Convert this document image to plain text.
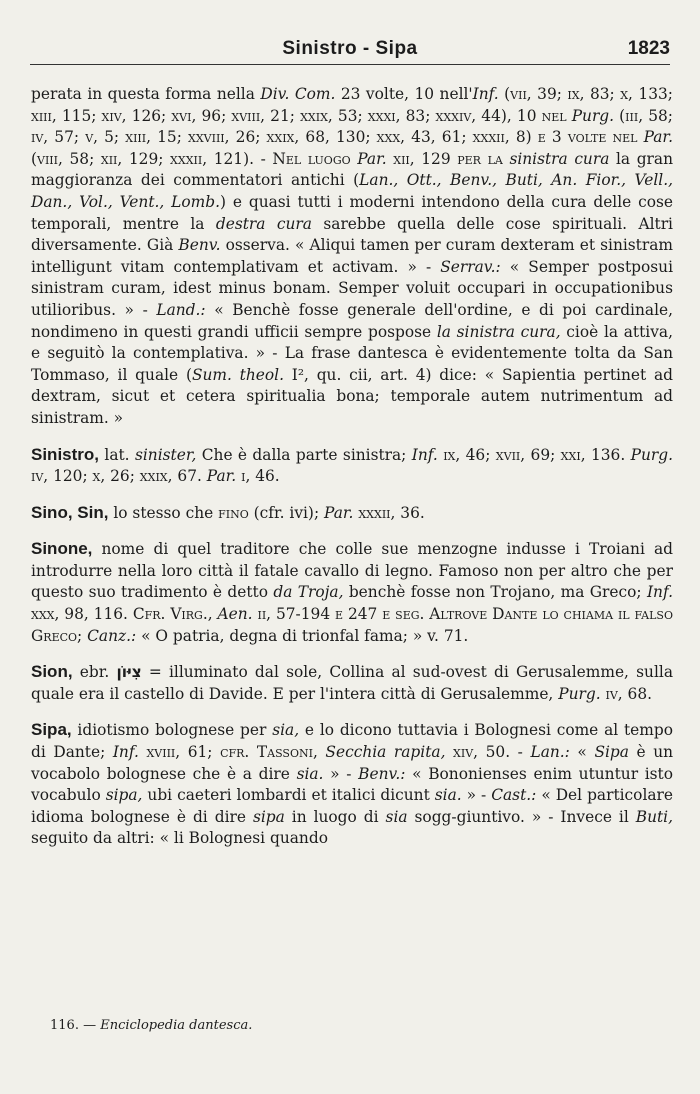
Sinistro - Sipa	1823

perata in questa forma nella Div. Com. 23 volte, 10 nell'Inf. (vii, 39; ix, 83; x, 133; xiii, 115; xiv, 126; xvi, 96; xviii, 21; xxix, 53; xxxi, 83; xxxiv, 44), 10 nel Purg. (iii, 58; iv, 57; v, 5; xiii, 15; xxviii, 26; xxix, 68, 130; xxx, 43, 61; xxxii, 8) e 3 volte nel Par. (viii, 58; xii, 129; xxxii, 121). - Nel luogo Par. xii, 129 per la sinistra cura la gran maggioranza dei commentatori antichi (Lan., Ott., Benv., Buti, An. Fior., Vell., Dan., Vol., Vent., Lomb.) e quasi tutti i moderni intendono della cura delle cose temporali, mentre la destra cura sarebbe quella delle cose spirituali. Altri diversamente. Già Benv. osserva. « Aliqui tamen per curam dexteram et sinistram intelligunt vitam contemplativam et activam. » - Serrav.: « Semper postposui sinistram curam, idest minus bonam. Semper voluit occupari in occupationibus utilioribus. » - Land.: « Benchè fosse generale dell'ordine, e di poi cardinale, nondimeno in questi grandi ufficii sempre pospose la sinistra cura, cioè la attiva, e seguitò la contemplativa. » - La frase dantesca è evidentemente tolta da San Tommaso, il quale (Sum. theol. I², qu. cii, art. 4) dice: « Sapientia pertinet ad dextram, sicut et cetera spiritualia bona; temporale autem nutrimentum ad sinistram. »

Sinistro, lat. sinister, Che è dalla parte sinistra; Inf. ix, 46; xvii, 69; xxi, 136. Purg. iv, 120; x, 26; xxix, 67. Par. i, 46.

Sino, Sin, lo stesso che fino (cfr. ivi); Par. xxxii, 36.

Sinone, nome di quel traditore che colle sue menzogne indusse i Troiani ad introdurre nella loro città il fatale cavallo di legno. Famoso non per altro che per questo suo tradimento è detto da Troja, benchè fosse non Trojano, ma Greco; Inf. xxx, 98, 116. Cfr. Virg., Aen. ii, 57-194 e 247 e seg. Altrove Dante lo chiama il falso Greco; Canz.: « O patria, degna di trionfal fama; » v. 71.

Sion, ebr. צִיּוֹן = illuminato dal sole, Collina al sud-ovest di Gerusalemme, sulla quale era il castello di Davide. E per l'intera città di Gerusalemme, Purg. iv, 68.

Sipa, idiotismo bolognese per sia, e lo dicono tuttavia i Bolognesi come al tempo di Dante; Inf. xviii, 61; cfr. Tassoni, Secchia rapita, xiv, 50. - Lan.: « Sipa è un vocabolo bolognese che è a dire sia. » - Benv.: « Bononienses enim utuntur isto vocabulo sipa, ubi caeteri lombardi et italici dicunt sia. » - Cast.: « Del particolare idioma bolognese è di dire sipa in luogo di sia sogg-giuntivo. » - Invece il Buti, seguito da altri: « li Bolognesi quando

116. — Enciclopedia dantesca.
